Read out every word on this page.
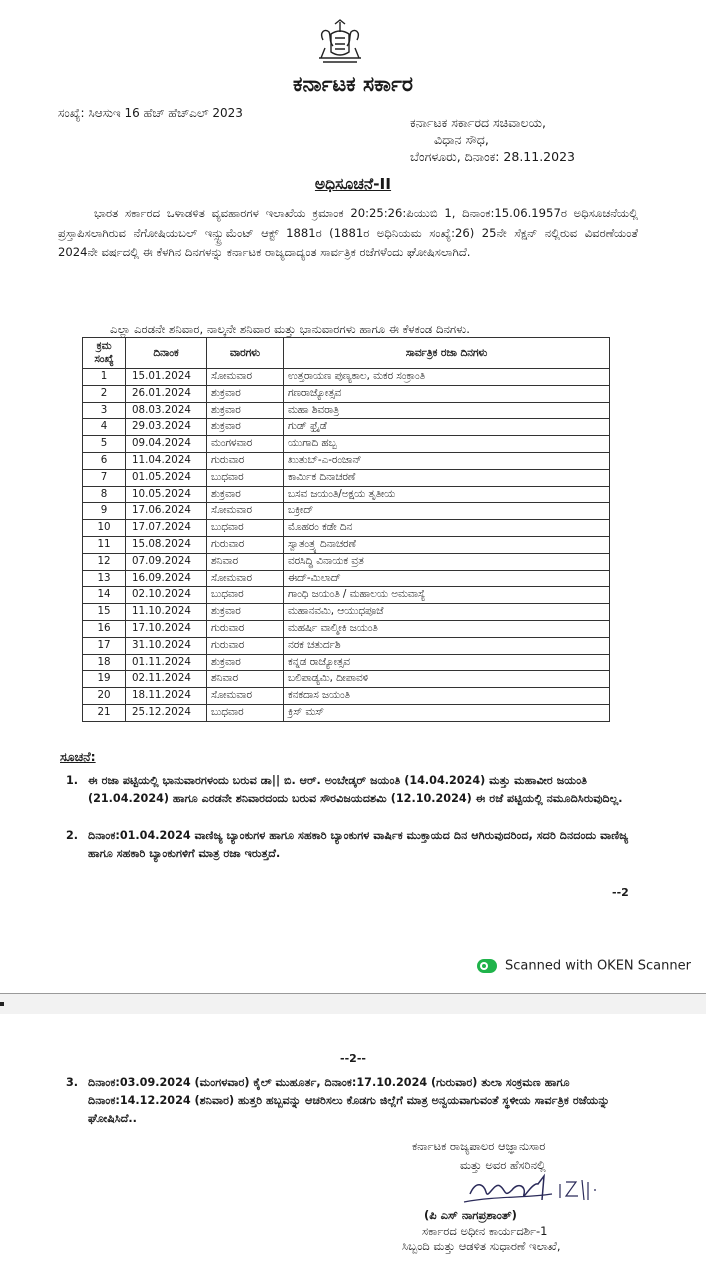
ಕರ್ನಾಟಕ ಸರ್ಕಾರ
ಸಂಖ್ಯೆ: ಸಿಆಸುಇ 16 ಹೆಚ್ ಹೆಚ್‌ಎಲ್ 2023
ಕರ್ನಾಟಕ ಸರ್ಕಾರದ ಸಚಿವಾಲಯ,
ವಿಧಾನ ಸೌಧ,
ಬೆಂಗಳೂರು, ದಿನಾಂಕ: 28.11.2023
ಅಧಿಸೂಚನೆ-II
ಭಾರತ ಸರ್ಕಾರದ ಒಳಾಡಳಿತ ವ್ಯವಹಾರಗಳ ಇಲಾಖೆಯ ಕ್ರಮಾಂಕ 20:25:26:ಪಿಯುಬಿ 1, ದಿನಾಂಕ:15.06.1957ರ ಅಧಿಸೂಚನೆಯಲ್ಲಿ ಪ್ರಸ್ತಾಪಿಸಲಾಗಿರುವ ನೆಗೋಷಿಯಬಲ್ ಇನ್ಸ್ಟ್ರುಮೆಂಟ್ ಆಕ್ಟ್ 1881ರ (1881ರ ಅಧಿನಿಯಮ ಸಂಖ್ಯೆ:26) 25ನೇ ಸೆಕ್ಷನ್ ನಲ್ಲಿರುವ ವಿವರಣೆಯಂತೆ 2024ನೇ ವರ್ಷದಲ್ಲಿ ಈ ಕೆಳಗಿನ ದಿನಗಳನ್ನು ಕರ್ನಾಟಕ ರಾಜ್ಯದಾದ್ಯಂತ ಸಾರ್ವತ್ರಿಕ ರಜೆಗಳೆಂದು ಘೋಷಿಸಲಾಗಿದೆ.
ಎಲ್ಲಾ ಎರಡನೇ ಶನಿವಾರ, ನಾಲ್ಕನೇ ಶನಿವಾರ ಮತ್ತು ಭಾನುವಾರಗಳು ಹಾಗೂ ಈ ಕೆಳಕಂಡ ದಿನಗಳು.
ಕ್ರಮ ಸಂಖ್ಯೆ	ದಿನಾಂಕ	ವಾರಗಳು	ಸಾರ್ವತ್ರಿಕ ರಜಾ ದಿನಗಳು
1	15.01.2024	ಸೋಮವಾರ	ಉತ್ತರಾಯಣ ಪುಣ್ಯಕಾಲ, ಮಕರ ಸಂಕ್ರಾಂತಿ
2	26.01.2024	ಶುಕ್ರವಾರ	ಗಣರಾಜ್ಯೋತ್ಸವ
3	08.03.2024	ಶುಕ್ರವಾರ	ಮಹಾ ಶಿವರಾತ್ರಿ
4	29.03.2024	ಶುಕ್ರವಾರ	ಗುಡ್ ಫ್ರೈಡೆ
5	09.04.2024	ಮಂಗಳವಾರ	ಯುಗಾದಿ ಹಬ್ಬ
6	11.04.2024	ಗುರುವಾರ	ಖುತುಬ್-ಎ-ರಂಜಾನ್
7	01.05.2024	ಬುಧವಾರ	ಕಾರ್ಮಿಕ ದಿನಾಚರಣೆ
8	10.05.2024	ಶುಕ್ರವಾರ	ಬಸವ ಜಯಂತಿ/ಅಕ್ಷಯ ತೃತೀಯ
9	17.06.2024	ಸೋಮವಾರ	ಬಕ್ರೀದ್
10	17.07.2024	ಬುಧವಾರ	ಮೊಹರಂ ಕಡೇ ದಿನ
11	15.08.2024	ಗುರುವಾರ	ಸ್ವಾತಂತ್ರ್ಯ ದಿನಾಚರಣೆ
12	07.09.2024	ಶನಿವಾರ	ವರಸಿದ್ಧಿ ವಿನಾಯಕ ವ್ರತ
13	16.09.2024	ಸೋಮವಾರ	ಈದ್-ಮಿಲಾದ್
14	02.10.2024	ಬುಧವಾರ	ಗಾಂಧಿ ಜಯಂತಿ / ಮಹಾಲಯ ಅಮವಾಸ್ಯೆ
15	11.10.2024	ಶುಕ್ರವಾರ	ಮಹಾನವಮಿ, ಆಯುಧಪೂಜೆ
16	17.10.2024	ಗುರುವಾರ	ಮಹರ್ಷಿ ವಾಲ್ಮೀಕಿ ಜಯಂತಿ
17	31.10.2024	ಗುರುವಾರ	ನರಕ ಚತುರ್ದಶಿ
18	01.11.2024	ಶುಕ್ರವಾರ	ಕನ್ನಡ ರಾಜ್ಯೋತ್ಸವ
19	02.11.2024	ಶನಿವಾರ	ಬಲಿಪಾಡ್ಯಮಿ, ದೀಪಾವಳಿ
20	18.11.2024	ಸೋಮವಾರ	ಕನಕದಾಸ ಜಯಂತಿ
21	25.12.2024	ಬುಧವಾರ	ಕ್ರಿಸ್ ಮಸ್
ಸೂಚನೆ:
1. ಈ ರಜಾ ಪಟ್ಟಿಯಲ್ಲಿ ಭಾನುವಾರಗಳಂದು ಬರುವ ಡಾ|| ಬಿ. ಆರ್. ಅಂಬೇಡ್ಕರ್ ಜಯಂತಿ (14.04.2024) ಮತ್ತು ಮಹಾವೀರ ಜಯಂತಿ (21.04.2024) ಹಾಗೂ ಎರಡನೇ ಶನಿವಾರದಂದು ಬರುವ ಸೌರವಿಜಯದಶಮಿ (12.10.2024) ಈ ರಜೆ ಪಟ್ಟಿಯಲ್ಲಿ ನಮೂದಿಸಿರುವುದಿಲ್ಲ.
2. ದಿನಾಂಕ:01.04.2024 ವಾಣಿಜ್ಯ ಬ್ಯಾಂಕುಗಳ ಹಾಗೂ ಸಹಕಾರಿ ಬ್ಯಾಂಕುಗಳ ವಾರ್ಷಿಕ ಮುಕ್ತಾಯದ ದಿನ ಆಗಿರುವುದರಿಂದ, ಸದರಿ ದಿನದಂದು ವಾಣಿಜ್ಯ ಹಾಗೂ ಸಹಕಾರಿ ಬ್ಯಾಂಕುಗಳಿಗೆ ಮಾತ್ರ ರಜಾ ಇರುತ್ತದೆ.
--2
Scanned with OKEN Scanner
--2--
3. ದಿನಾಂಕ:03.09.2024 (ಮಂಗಳವಾರ) ಕೈಲ್ ಮುಹೂರ್ತ, ದಿನಾಂಕ:17.10.2024 (ಗುರುವಾರ) ತುಲಾ ಸಂಕ್ರಮಣ ಹಾಗೂ ದಿನಾಂಕ:14.12.2024 (ಶನಿವಾರ) ಹುತ್ತರಿ ಹಬ್ಬವನ್ನು ಆಚರಿಸಲು ಕೊಡಗು ಜಿಲ್ಲೆಗೆ ಮಾತ್ರ ಅನ್ವಯವಾಗುವಂತೆ ಸ್ಥಳೀಯ ಸಾರ್ವತ್ರಿಕ ರಜೆಯನ್ನು ಘೋಷಿಸಿದೆ..
ಕರ್ನಾಟಕ ರಾಜ್ಯಪಾಲರ ಆಜ್ಞಾನುಸಾರ
ಮತ್ತು ಅವರ ಹೆಸರಿನಲ್ಲಿ
(ಪಿ ಎಸ್ ನಾಗಪ್ರಶಾಂತ್)
ಸರ್ಕಾರದ ಅಧೀನ ಕಾರ್ಯದರ್ಶಿ-1
ಸಿಬ್ಬಂದಿ ಮತ್ತು ಆಡಳಿತ ಸುಧಾರಣೆ ಇಲಾಖೆ,
